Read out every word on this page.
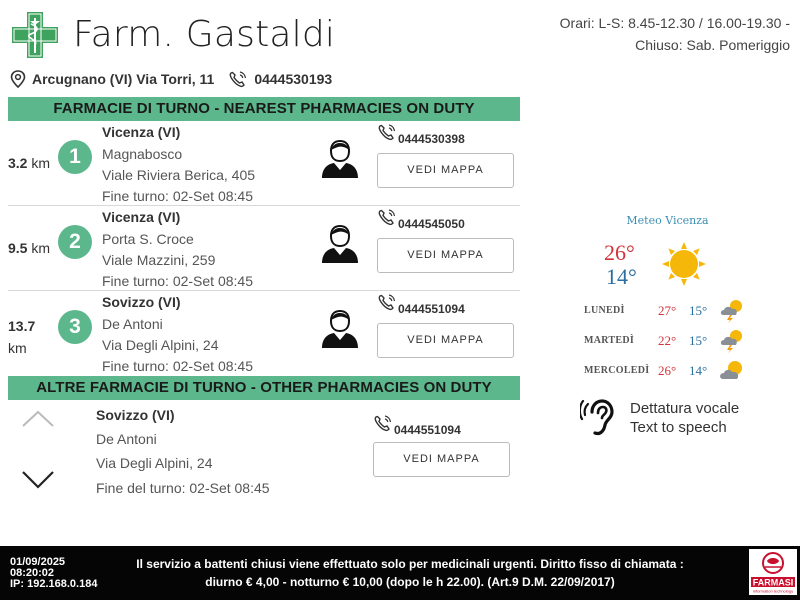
Farm. Gastaldi	Orari: L-S: 8.45-12.30 / 16.00-19.30 -
Chiuso: Sab. Pomeriggio
Arcugnano (VI) Via Torri, 11	0444530193
FARMACIE DI TURNO - NEAREST PHARMACIES ON DUTY
3.2 km 1
Vicenza (VI)
Magnabosco
Viale Riviera Berica, 405
Fine turno: 02-Set 08:45
0444530398
VEDI MAPPA
9.5 km 2
Vicenza (VI)
Porta S. Croce
Viale Mazzini, 259
Fine turno: 02-Set 08:45
0444545050
VEDI MAPPA
13.7
km
3
Sovizzo (VI)
De Antoni
Via Degli Alpini, 24
Fine turno: 02-Set 08:45
0444551094
VEDI MAPPA
ALTRE FARMACIE DI TURNO - OTHER PHARMACIES ON DUTY
Sovizzo (VI)
De Antoni
Via Degli Alpini, 24
Fine del turno: 02-Set 08:45
0444551094
VEDI MAPPA
Meteo Vicenza
26°
14°
LUNEDÌ	27° 15°
MARTEDÌ 22° 15°
MERCOLEDÌ 26° 14°
Dettatura vocale
Text to speech
01/09/2025
08:20:02
IP: 192.168.0.184
Il servizio a battenti chiusi viene effettuato solo per medicinali urgenti. Diritto fisso di chiamata :
diurno € 4,00 - notturno € 10,00 (dopo le h 22.00). (Art.9 D.M. 22/09/2017)	FARMASI
information technology
